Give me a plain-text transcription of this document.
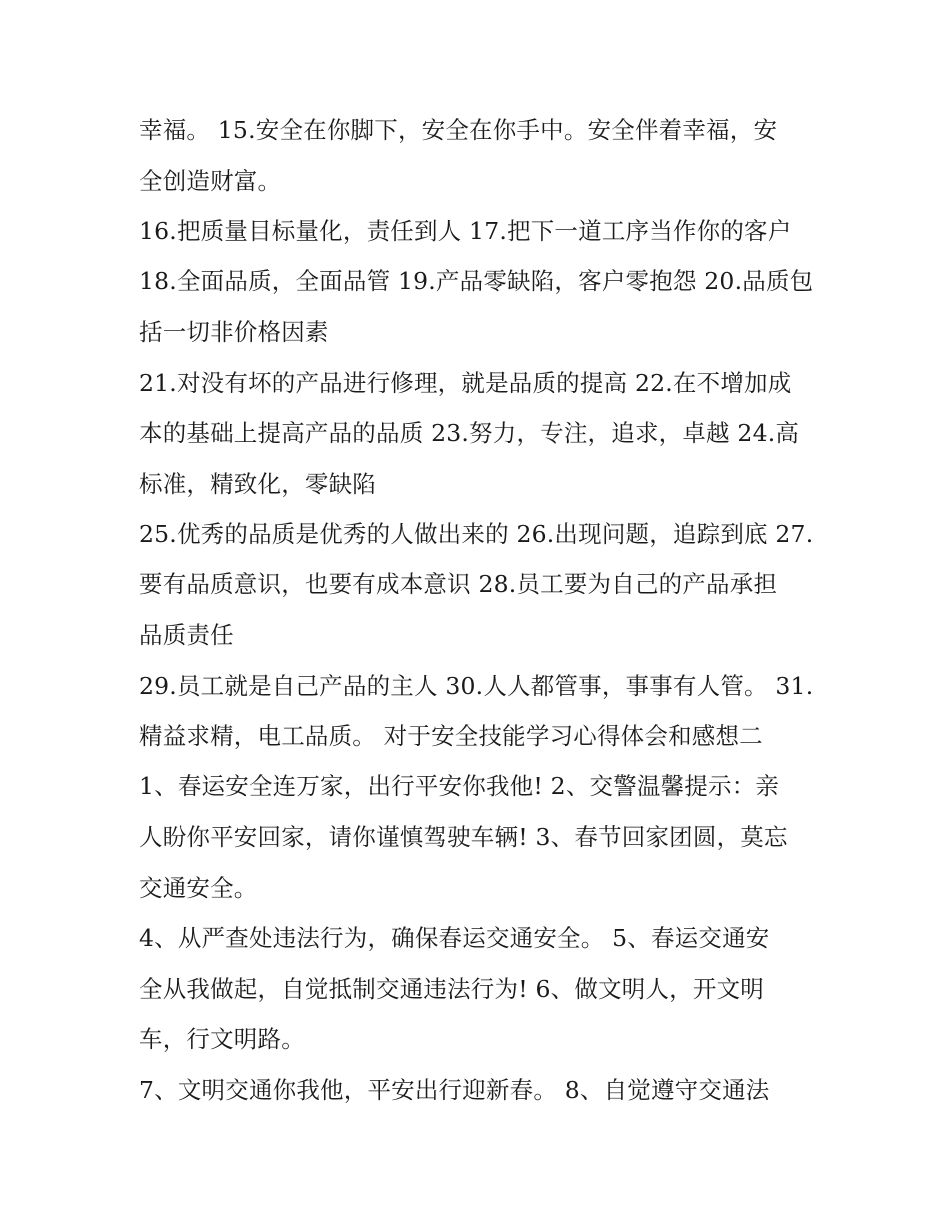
幸福。 15.安全在你脚下，安全在你手中。安全伴着幸福，安
全创造财富。
16.把质量目标量化，责任到人 17.把下一道工序当作你的客户
18.全面品质，全面品管 19.产品零缺陷，客户零抱怨 20.品质包
括一切非价格因素
21.对没有坏的产品进行修理，就是品质的提高 22.在不增加成
本的基础上提高产品的品质 23.努力，专注，追求，卓越 24.高
标准，精致化，零缺陷
25.优秀的品质是优秀的人做出来的 26.出现问题，追踪到底 27.
要有品质意识，也要有成本意识 28.员工要为自己的产品承担
品质责任
29.员工就是自己产品的主人 30.人人都管事，事事有人管。 31.
精益求精，电工品质。 对于安全技能学习心得体会和感想二
1、春运安全连万家，出行平安你我他! 2、交警温馨提示：亲
人盼你平安回家，请你谨慎驾驶车辆! 3、春节回家团圆，莫忘
交通安全。
4、从严查处违法行为，确保春运交通安全。 5、春运交通安
全从我做起，自觉抵制交通违法行为! 6、做文明人，开文明
车，行文明路。
7、文明交通你我他，平安出行迎新春。 8、自觉遵守交通法
